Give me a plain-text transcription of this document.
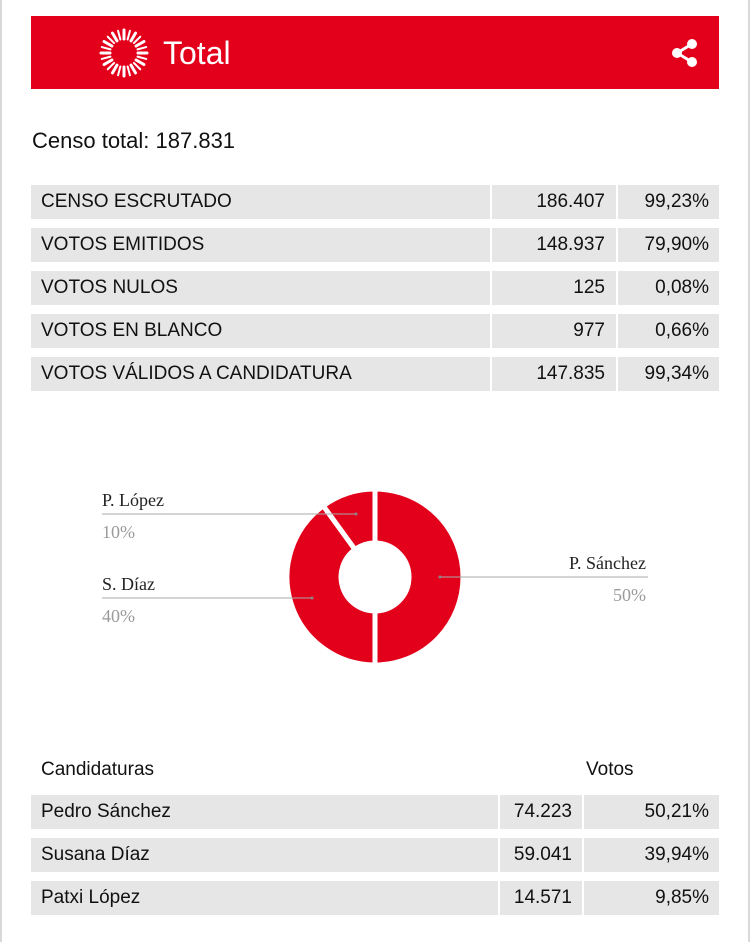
Total
Censo total: 187.831
CENSO ESCRUTADO	186.407	99,23%
VOTOS EMITIDOS	148.937	79,90%
VOTOS NULOS	125	0,08%
VOTOS EN BLANCO	977	0,66%
VOTOS VÁLIDOS A CANDIDATURA	147.835	99,34%
P. Sánchez
50%
S. Díaz
40%
P. López
10%
Candidaturas	Votos
Pedro Sánchez	74.223	50,21%
Susana Díaz	59.041	39,94%
Patxi López	14.571	9,85%
